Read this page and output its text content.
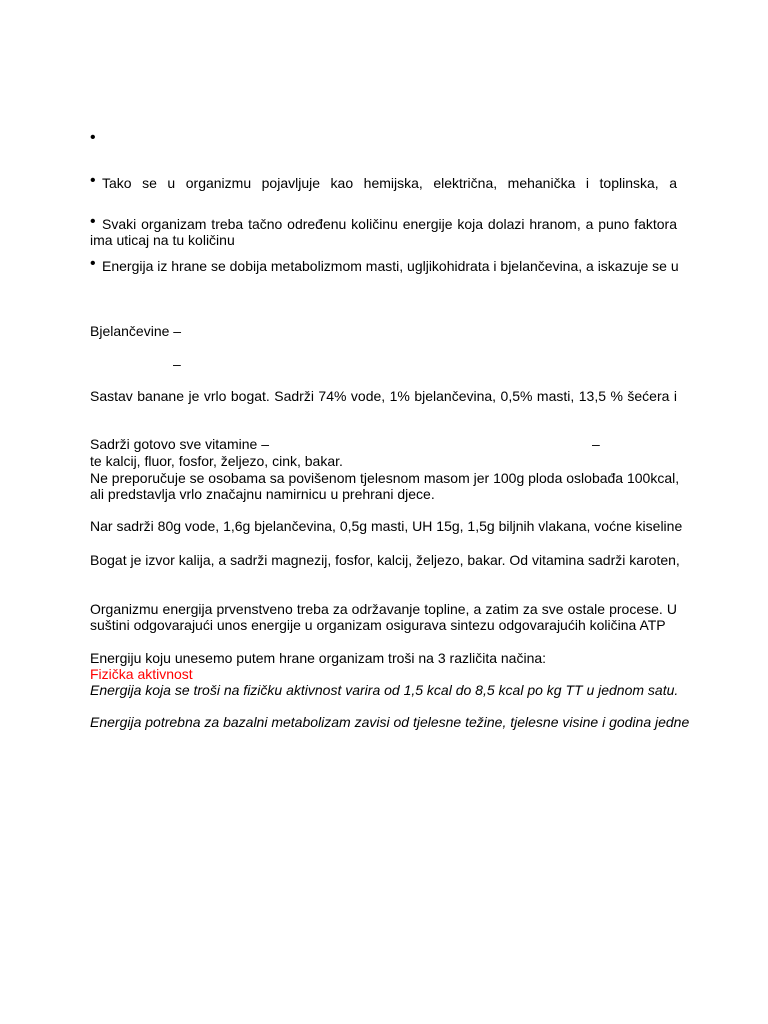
•
• Tako se u organizmu pojavljuje kao hemijska, električna, mehanička i toplinska, a
• Svaki organizam treba tačno određenu količinu energije koja dolazi hranom, a puno faktora
ima uticaj na tu količinu
• Energija iz hrane se dobija metabolizmom masti, ugljikohidrata i bjelančevina, a iskazuje se u
Bjelančevine –
–
Sastav banane je vrlo bogat. Sadrži 74% vode, 1% bjelančevina, 0,5% masti, 13,5 % šećera i
Sadrži gotovo sve vitamine –	–
te kalcij, fluor, fosfor, željezo, cink, bakar.
Ne preporučuje se osobama sa povišenom tjelesnom masom jer 100g ploda oslobađa 100kcal,
ali predstavlja vrlo značajnu namirnicu u prehrani djece.
Nar sadrži 80g vode, 1,6g bjelančevina, 0,5g masti, UH 15g, 1,5g biljnih vlakana, voćne kiseline
Bogat je izvor kalija, a sadrži magnezij, fosfor, kalcij, željezo, bakar. Od vitamina sadrži karoten,
Organizmu energija prvenstveno treba za održavanje topline, a zatim za sve ostale procese. U
suštini odgovarajući unos energije u organizam osigurava sintezu odgovarajućih količina ATP
Energiju koju unesemo putem hrane organizam troši na 3 različita načina:
Fizička aktivnost
Energija koja se troši na fizičku aktivnost varira od 1,5 kcal do 8,5 kcal po kg TT u jednom satu.
Energija potrebna za bazalni metabolizam zavisi od tjelesne težine, tjelesne visine i godina jedne
